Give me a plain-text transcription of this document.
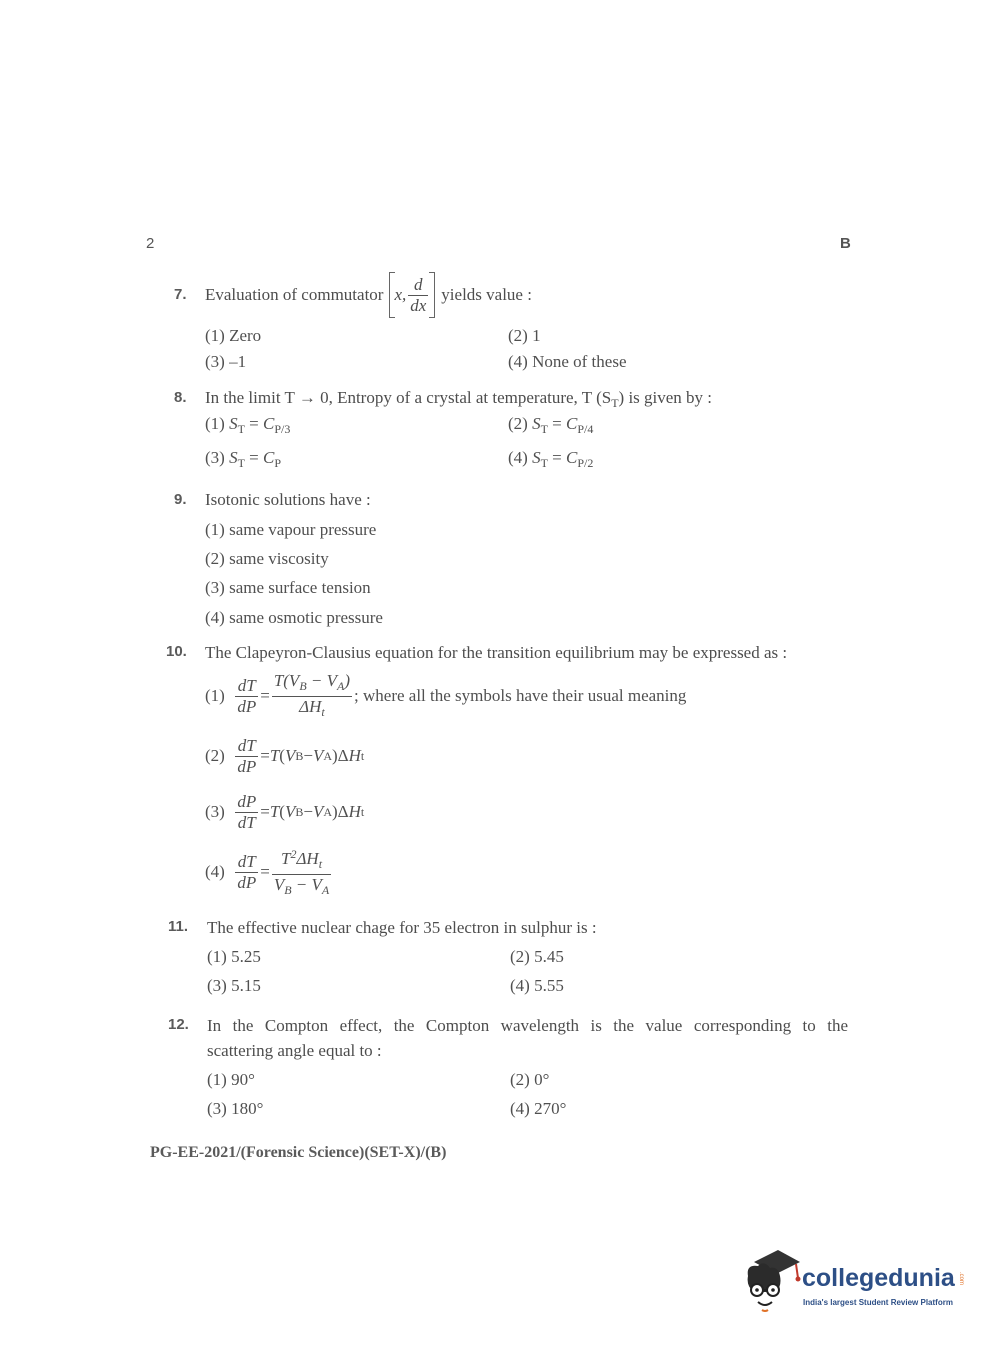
2	B
7. Evaluation of commutator x, $\frac{d}{dx}$ yields value :
(1) Zero	(2) 1
(3) –1	(4) None of these
8. In the limit T → 0, Entropy of a crystal at temperature, T $(S_T)$ is given by :
(1) $S_T = C_{P/3}$	(2) $S_T = C_{P/4}$
(3) $S_T = C_P$	(4) $S_T = C_{P/2}$
9. Isotonic solutions have :
(1) same vapour pressure
(2) same viscosity
(3) same surface tension
(4) same osmotic pressure
10. The Clapeyron-Clausius equation for the transition equilibrium may be expressed as :
(1)
$\frac{dT}{dP} = \frac{T(V_B - V_A)}{\Delta H_t}$ ; where all the symbols have their usual meaning
(2)
$\frac{dT}{dP} = T$ ( V B − V A )Δ H t
(3)
$\frac{dP}{dT} = T$ ( V B − V A )Δ H t
(4)
$\frac{dT}{dP} = \frac{T^2\Delta H_t}{V_B - V_A}$
11. The effective nuclear chage for 35 electron in sulphur is :
(1) 5.25	(2) 5.45
(3) 5.15	(4) 5.55
12. In the Compton effect, the Compton wavelength is the value corresponding to the
scattering angle equal to :
(1) 90°	(2) 0°
(3) 180°	(4) 270°
PG-EE-2021/(Forensic Science)(SET-X)/(B)
collegedunia .com
India's largest Student Review Platform
